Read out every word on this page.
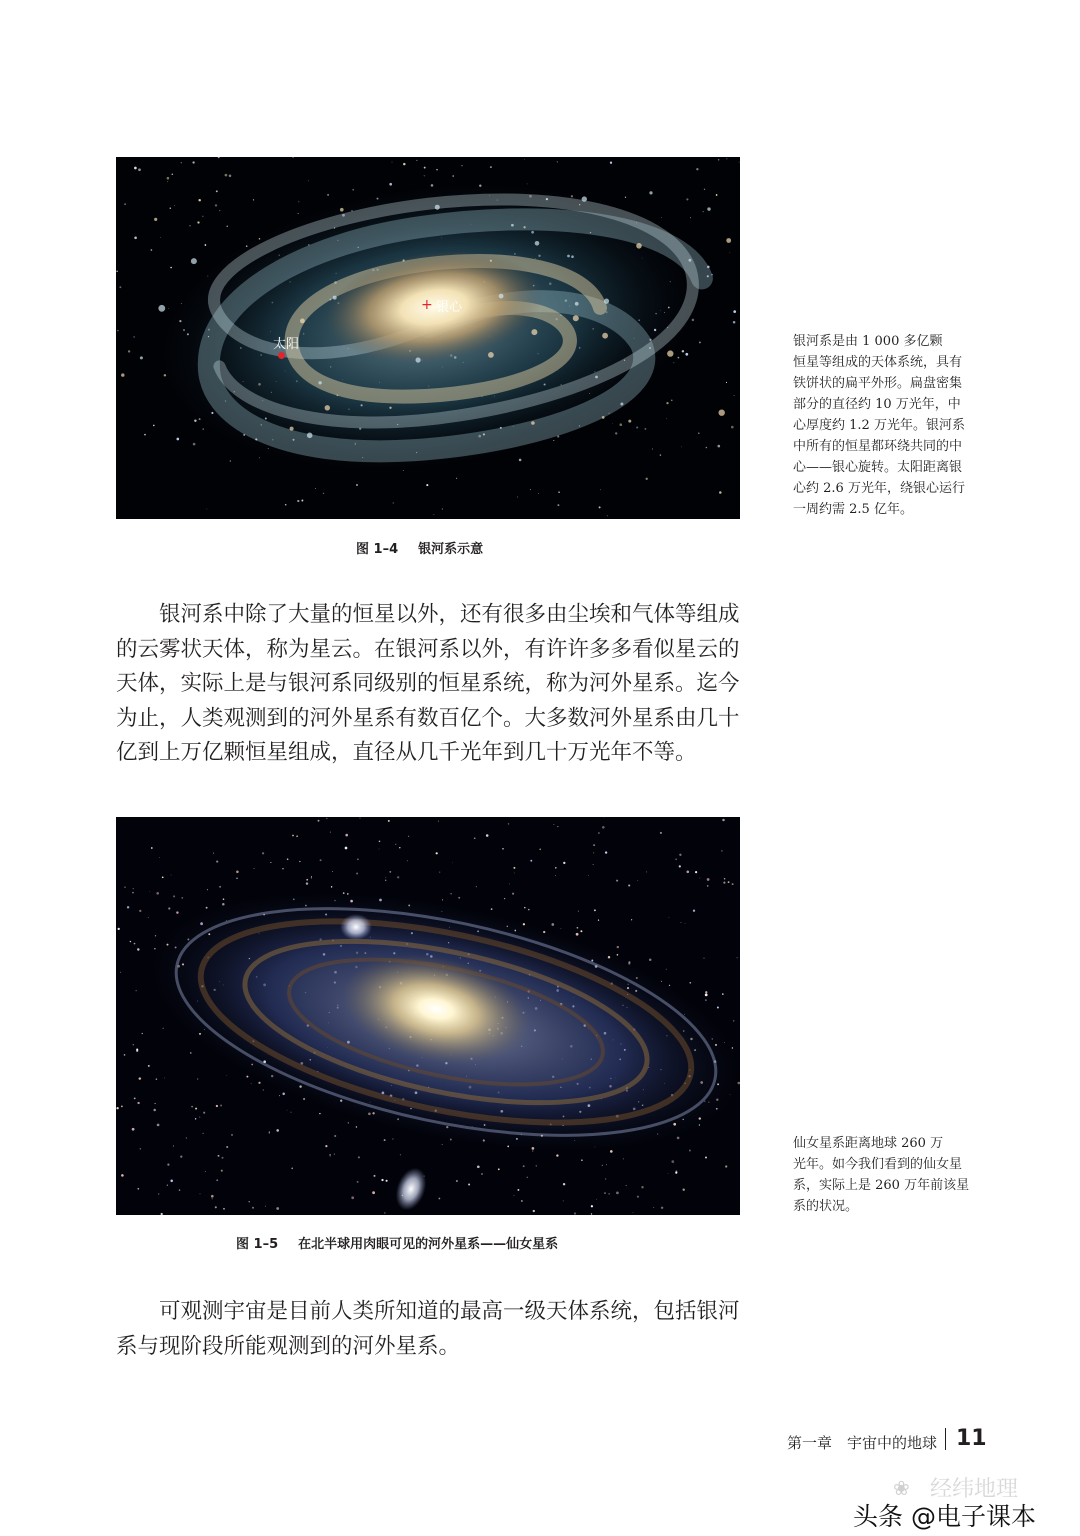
+ 银心
太阳
图 1–4 银河系示意
银河系是由 1 000 多亿颗
恒星等组成的天体系统，具有
铁饼状的扁平外形。扁盘密集
部分的直径约 10 万光年，中
心厚度约 1.2 万光年。银河系
中所有的恒星都环绕共同的中
心——银心旋转。太阳距离银
心约 2.6 万光年，绕银心运行
一周约需 2.5 亿年。
银河系中除了大量的恒星以外，还有很多由尘埃和气体等组成
的云雾状天体，称为星云。在银河系以外，有许许多多看似星云的
天体，实际上是与银河系同级别的恒星系统，称为河外星系。迄今
为止，人类观测到的河外星系有数百亿个。大多数河外星系由几十
亿到上万亿颗恒星组成，直径从几千光年到几十万光年不等。
图 1–5 在北半球用肉眼可见的河外星系——仙女星系
仙女星系距离地球 260 万
光年。如今我们看到的仙女星
系，实际上是 260 万年前该星
系的状况。
可观测宇宙是目前人类所知道的最高一级天体系统，包括银河
系与现阶段所能观测到的河外星系。
第一章　宇宙中的地球 11
❀ 经纬地理
头条 @电子课本
